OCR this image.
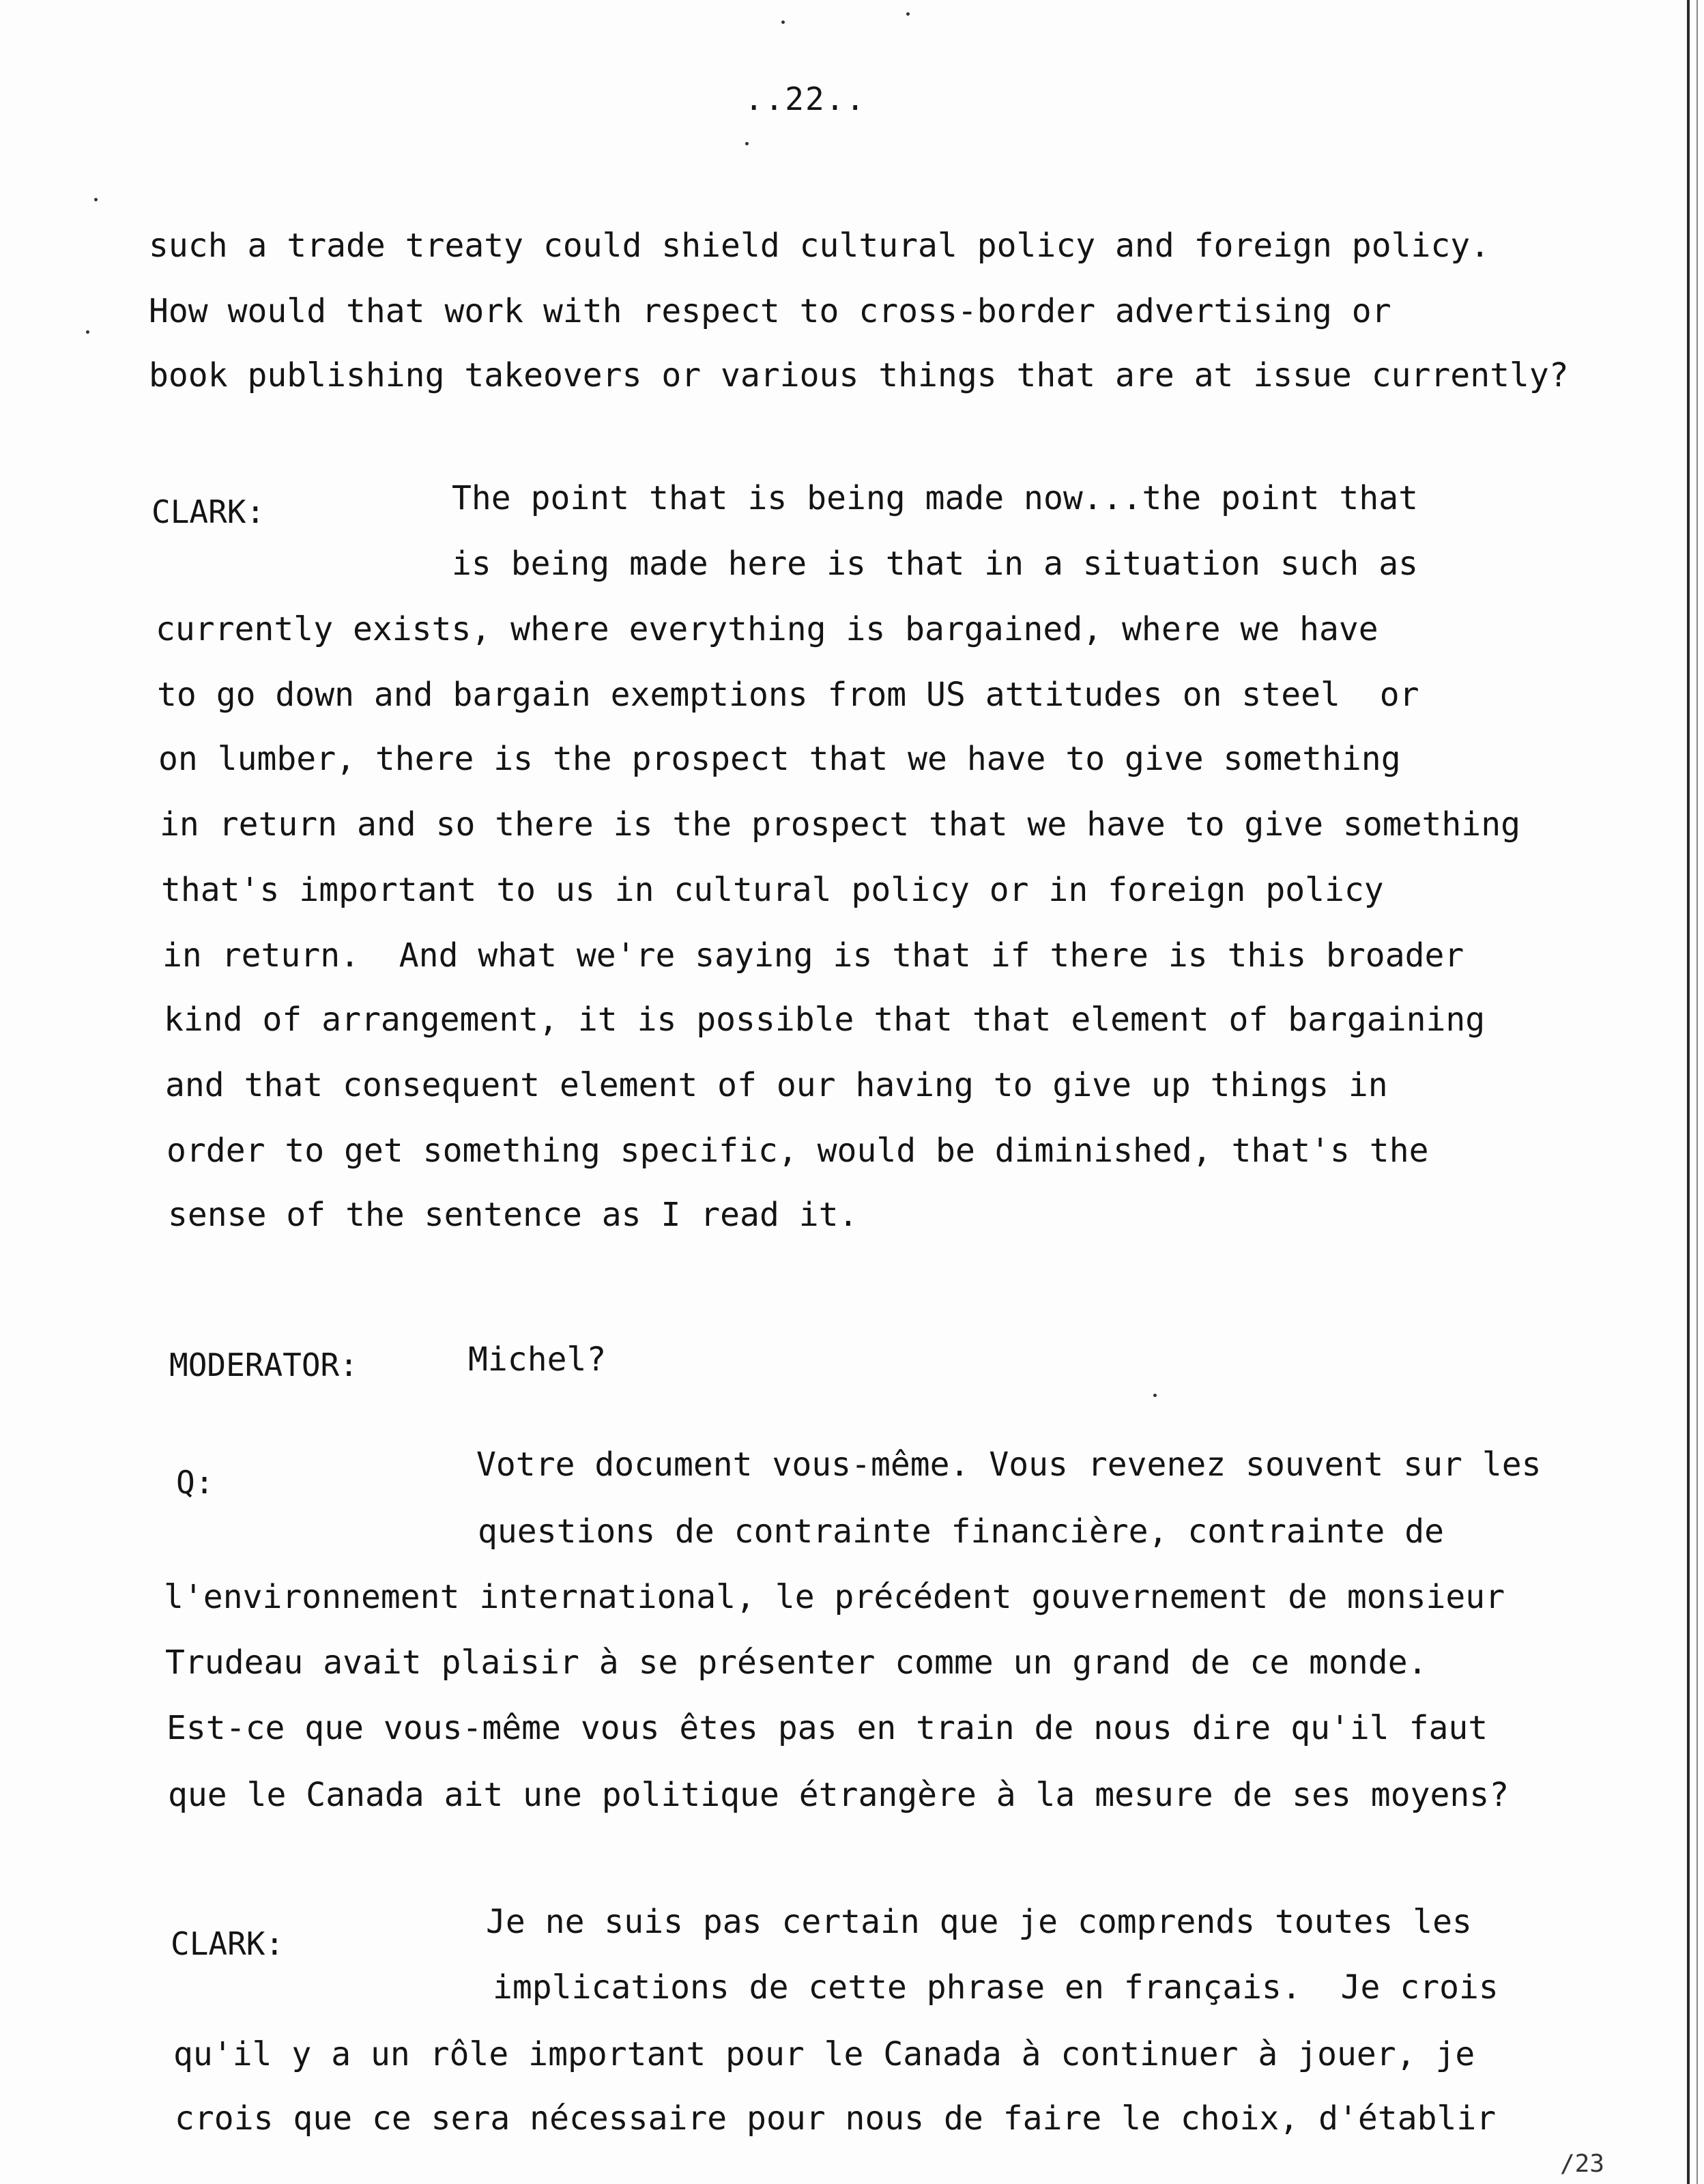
..22..
such a trade treaty could shield cultural policy and foreign policy.
How would that work with respect to cross-border advertising or
book publishing takeovers or various things that are at issue currently?
CLARK:	The point that is being made now...the point that
is being made here is that in a situation such as
currently exists, where everything is bargained, where we have
to go down and bargain exemptions from US attitudes on steel  or
on lumber, there is the prospect that we have to give something
in return and so there is the prospect that we have to give something
that's important to us in cultural policy or in foreign policy
in return.  And what we're saying is that if there is this broader
kind of arrangement, it is possible that that element of bargaining
and that consequent element of our having to give up things in
order to get something specific, would be diminished, that's the
sense of the sentence as I read it.
MODERATOR:	Michel?
Q:	Votre document vous-même. Vous revenez souvent sur les
questions de contrainte financière, contrainte de
l'environnement international, le précédent gouvernement de monsieur
Trudeau avait plaisir à se présenter comme un grand de ce monde.
Est-ce que vous-même vous êtes pas en train de nous dire qu'il faut
que le Canada ait une politique étrangère à la mesure de ses moyens?
CLARK:
Je ne suis pas certain que je comprends toutes les
implications de cette phrase en français.  Je crois
qu'il y a un rôle important pour le Canada à continuer à jouer, je
crois que ce sera nécessaire pour nous de faire le choix, d'établir
/23
